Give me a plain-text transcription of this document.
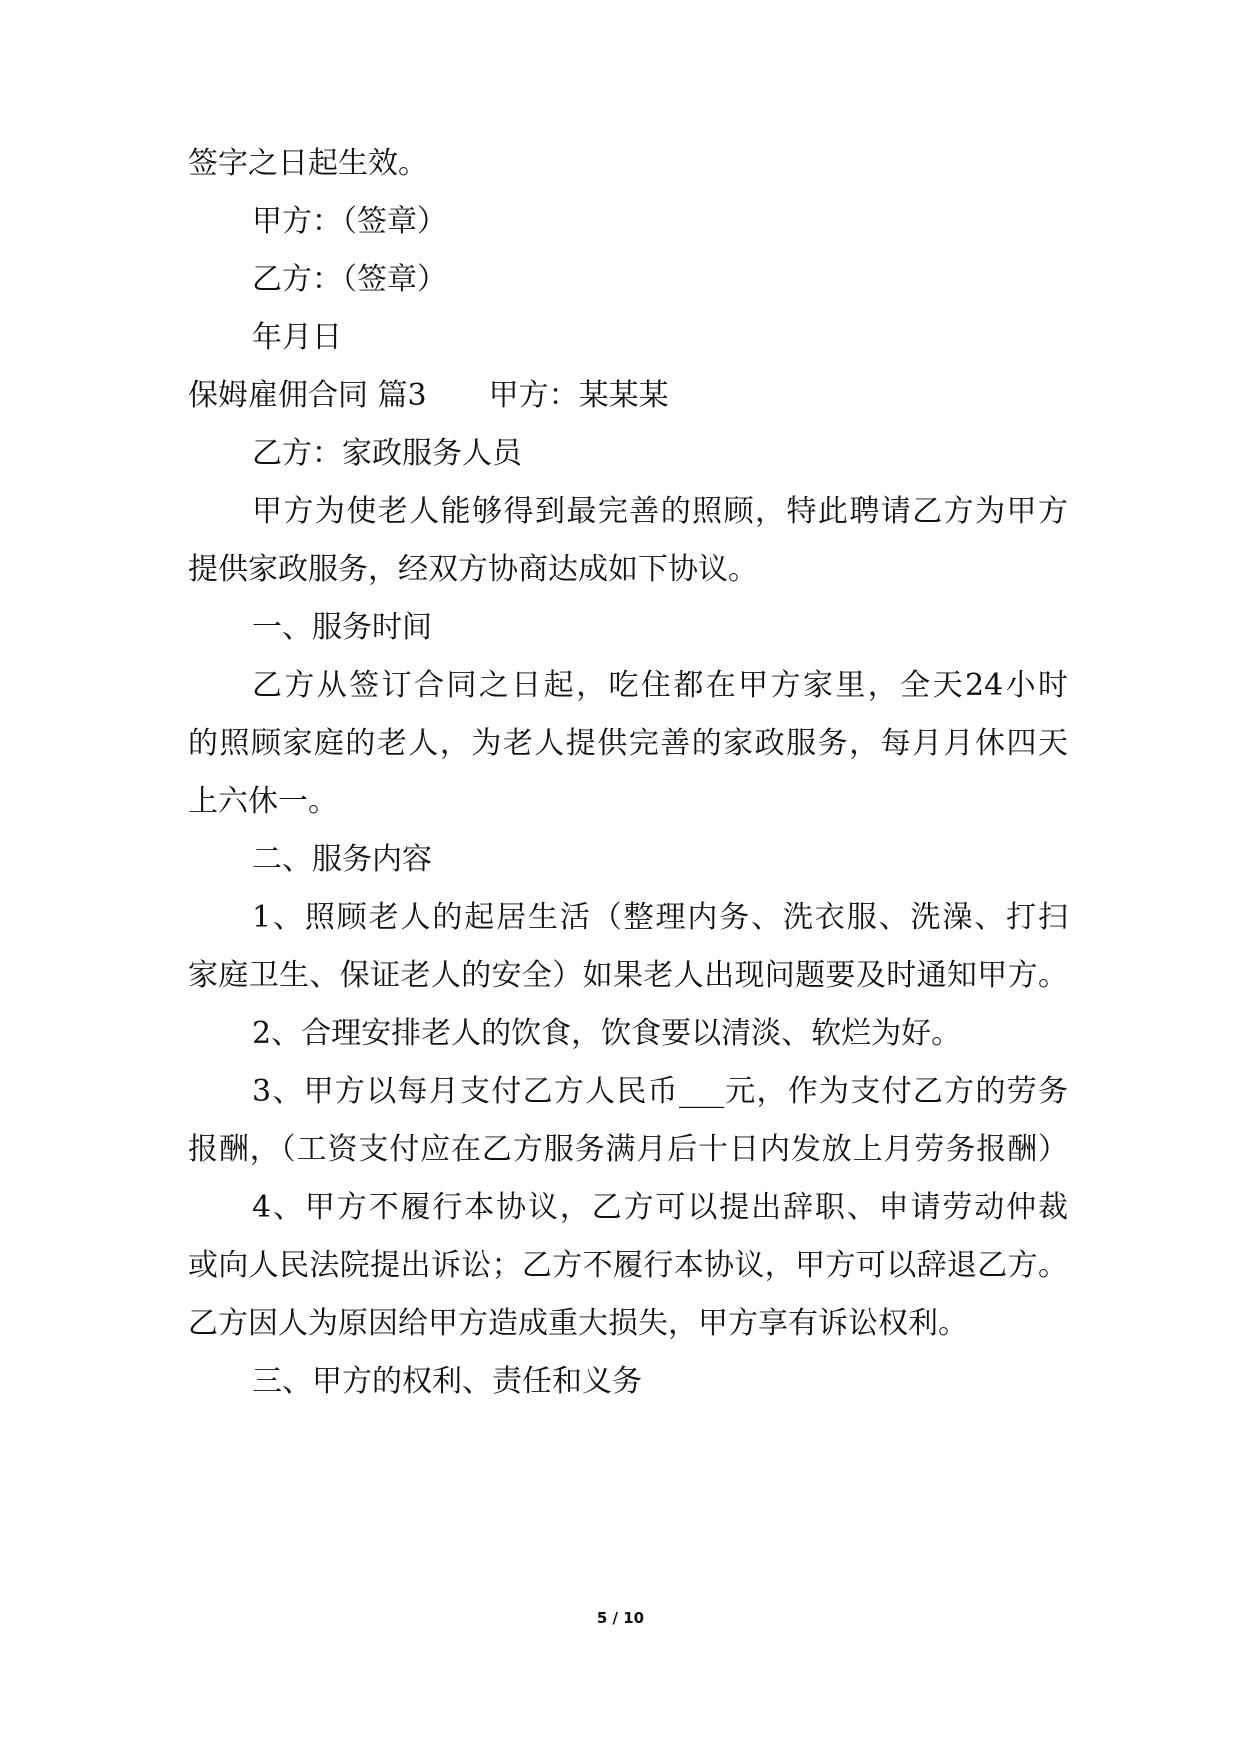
签字之日起生效。
甲方：（签章）
乙方：（签章）
年月日
保姆雇佣合同 篇3 甲方：某某某
乙方：家政服务人员
甲方为使老人能够得到最完善的照顾，特此聘请乙方为甲方
提供家政服务，经双方协商达成如下协议。
一、服务时间
乙方从签订合同之日起，吃住都在甲方家里，全天24小时
的照顾家庭的老人，为老人提供完善的家政服务，每月月休四天
上六休一。
二、服务内容
1、照顾老人的起居生活（整理内务、洗衣服、洗澡、打扫
家庭卫生、保证老人的安全）如果老人出现问题要及时通知甲方。
2、合理安排老人的饮食，饮食要以清淡、软烂为好。
3、甲方以每月支付乙方人民币___元，作为支付乙方的劳务
报酬，（工资支付应在乙方服务满月后十日内发放上月劳务报酬）
4、甲方不履行本协议，乙方可以提出辞职、申请劳动仲裁
或向人民法院提出诉讼；乙方不履行本协议，甲方可以辞退乙方。
乙方因人为原因给甲方造成重大损失，甲方享有诉讼权利。
三、甲方的权利、责任和义务
5 / 10
